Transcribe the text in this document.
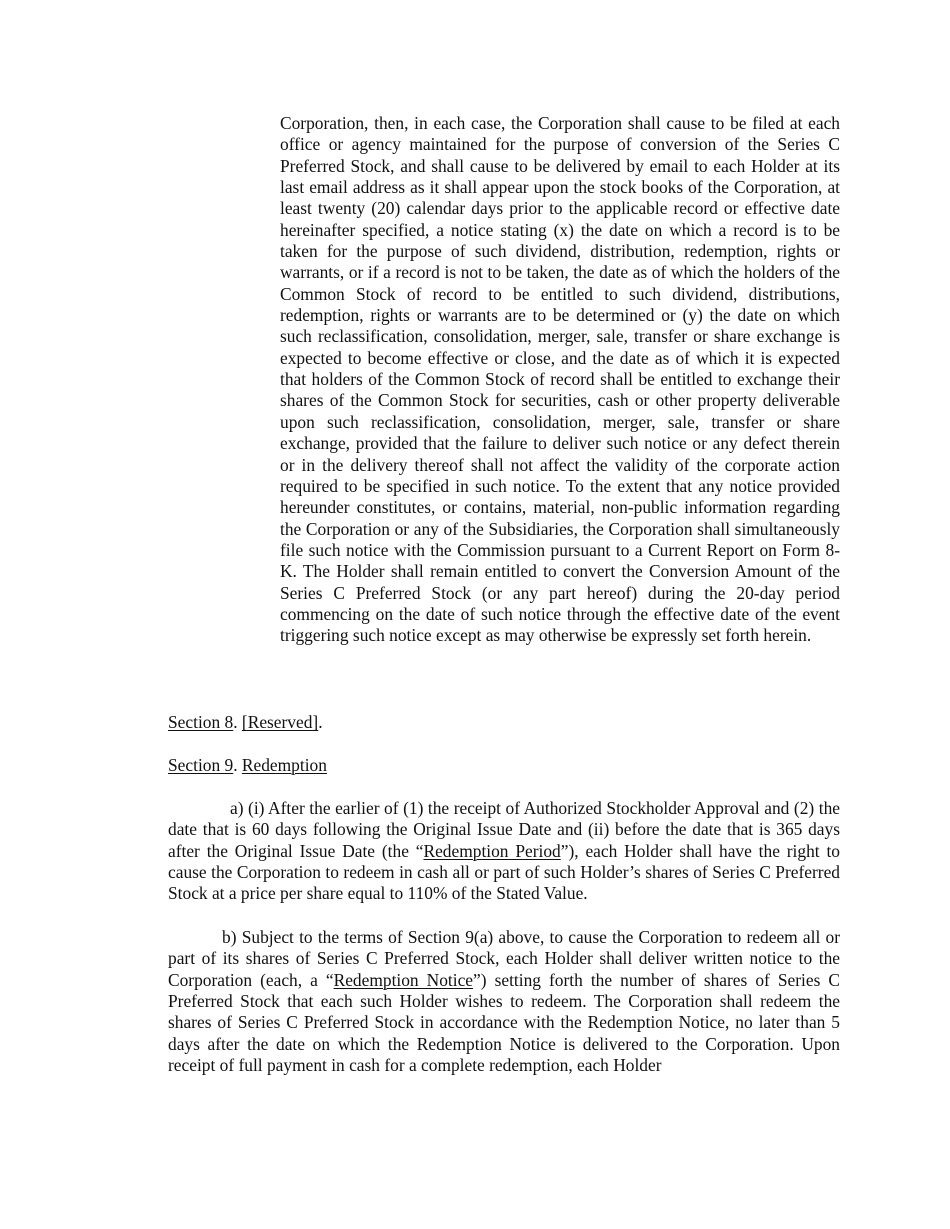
Corporation, then, in each case, the Corporation shall cause to be filed at each office or agency maintained for the purpose of conversion of the Series C Preferred Stock, and shall cause to be delivered by email to each Holder at its last email address as it shall appear upon the stock books of the Corporation, at least twenty (20) calendar days prior to the applicable record or effective date hereinafter specified, a notice stating (x) the date on which a record is to be taken for the purpose of such dividend, distribution, redemption, rights or warrants, or if a record is not to be taken, the date as of which the holders of the Common Stock of record to be entitled to such dividend, distributions, redemption, rights or warrants are to be determined or (y) the date on which such reclassification, consolidation, merger, sale, transfer or share exchange is expected to become effective or close, and the date as of which it is expected that holders of the Common Stock of record shall be entitled to exchange their shares of the Common Stock for securities, cash or other property deliverable upon such reclassification, consolidation, merger, sale, transfer or share exchange, provided that the failure to deliver such notice or any defect therein or in the delivery thereof shall not affect the validity of the corporate action required to be specified in such notice. To the extent that any notice provided hereunder constitutes, or contains, material, non-public information regarding the Corporation or any of the Subsidiaries, the Corporation shall simultaneously file such notice with the Commission pursuant to a Current Report on Form 8-K. The Holder shall remain entitled to convert the Conversion Amount of the Series C Preferred Stock (or any part hereof) during the 20-day period commencing on the date of such notice through the effective date of the event triggering such notice except as may otherwise be expressly set forth herein.
Section 8. [Reserved].
Section 9. Redemption
a) (i) After the earlier of (1) the receipt of Authorized Stockholder Approval and (2) the date that is 60 days following the Original Issue Date and (ii) before the date that is 365 days after the Original Issue Date (the “Redemption Period”), each Holder shall have the right to cause the Corporation to redeem in cash all or part of such Holder’s shares of Series C Preferred Stock at a price per share equal to 110% of the Stated Value.
b) Subject to the terms of Section 9(a) above, to cause the Corporation to redeem all or part of its shares of Series C Preferred Stock, each Holder shall deliver written notice to the Corporation (each, a “Redemption Notice”) setting forth the number of shares of Series C Preferred Stock that each such Holder wishes to redeem. The Corporation shall redeem the shares of Series C Preferred Stock in accordance with the Redemption Notice, no later than 5 days after the date on which the Redemption Notice is delivered to the Corporation. Upon receipt of full payment in cash for a complete redemption, each Holder
